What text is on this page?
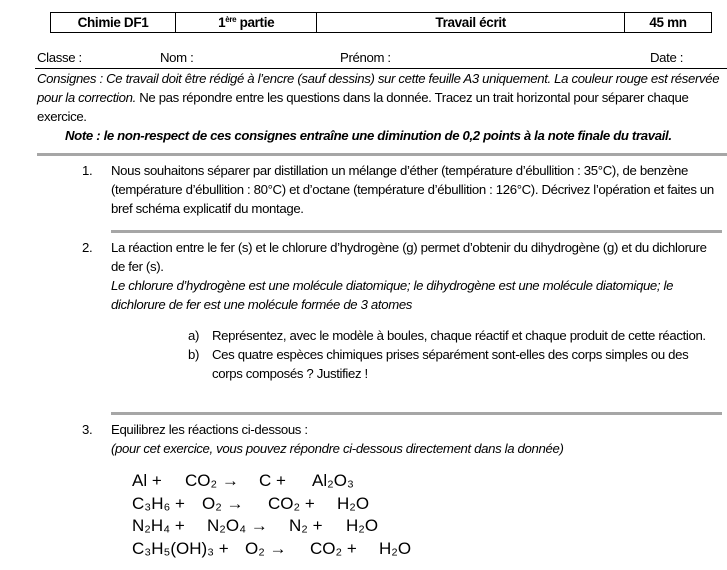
Chimie DF1	1ère partie	Travail écrit	45 mn
Classe :	Nom :	Prénom :	Date :

Consignes : Ce travail doit être rédigé à l’encre (sauf dessins) sur cette feuille A3 uniquement. La couleur rouge est réservée pour la correction. Ne pas répondre entre les questions dans la donnée. Tracez un trait horizontal pour séparer chaque exercice.

Note : le non-respect de ces consignes entraîne une diminution de 0,2 points à la note finale du travail.

1. Nous souhaitons séparer par distillation un mélange d’éther (température d’ébullition : 35°C), de benzène (température d’ébullition : 80°C) et d’octane (température d’ébullition : 126°C). Décrivez l’opération et faites un bref schéma explicatif du montage.

2. La réaction entre le fer (s) et le chlorure d’hydrogène (g) permet d’obtenir du dihydrogène (g) et du dichlorure de fer (s).

Le chlorure d’hydrogène est une molécule diatomique; le dihydrogène est une molécule diatomique; le dichlorure de fer est une molécule formée de 3 atomes

a) Représentez, avec le modèle à boules, chaque réactif et chaque produit de cette réaction.

b) Ces quatre espèces chimiques prises séparément sont-elles des corps simples ou des corps composés ? Justifiez !

3. Equilibrez les réactions ci-dessous :

(pour cet exercice, vous pouvez répondre ci-dessous directement dans la donnée)

Al + CO₂ → C + Al₂O₃
C₃H₆ + O₂ → CO₂ + H₂O
N₂H₄ + N₂O₄ → N₂ + H₂O
C₃H₅(OH)₃ + O₂ → CO₂ + H₂O
